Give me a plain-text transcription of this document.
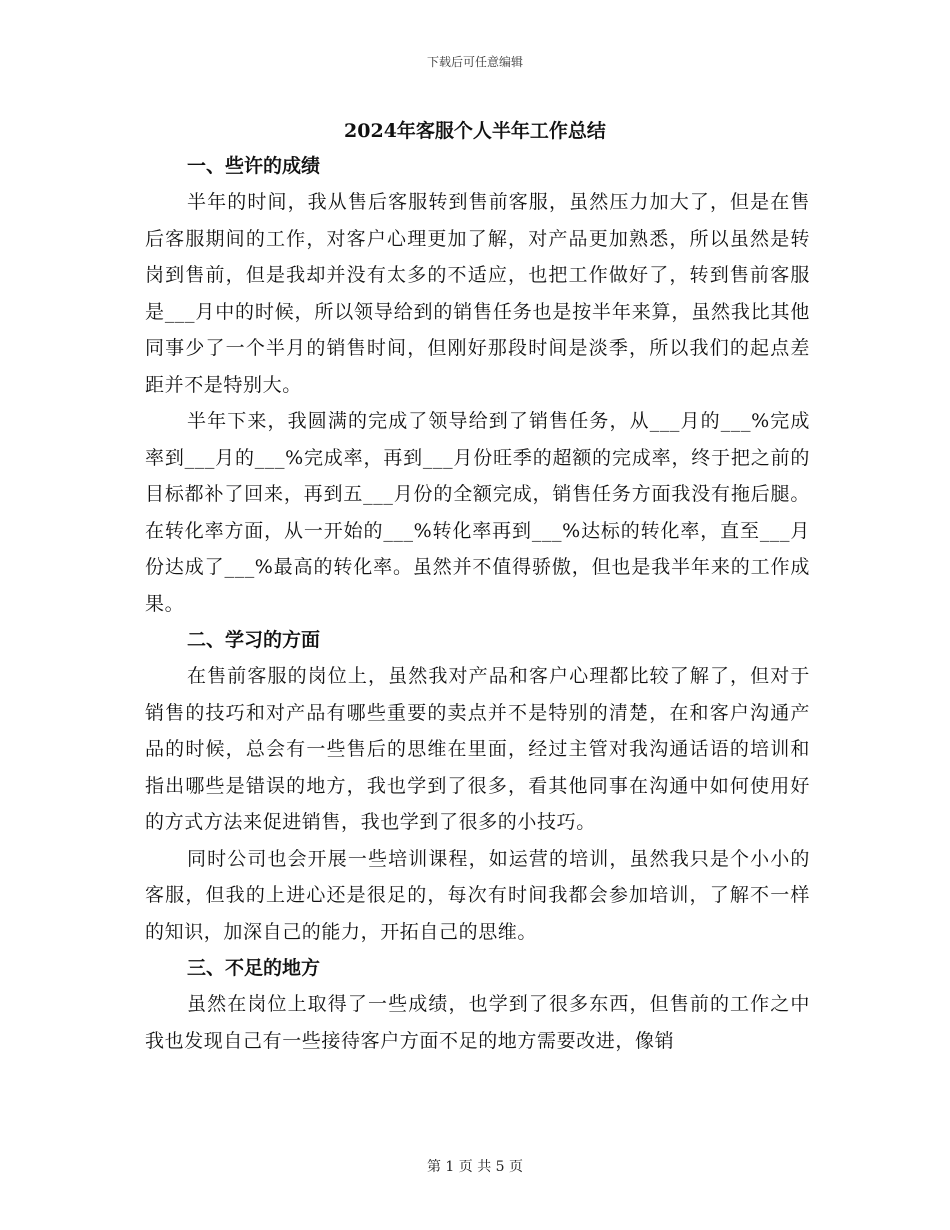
下载后可任意编辑
2024年客服个人半年工作总结
一、些许的成绩

半年的时间，我从售后客服转到售前客服，虽然压力加大了，但是在售后客服期间的工作，对客户心理更加了解，对产品更加熟悉，所以虽然是转岗到售前，但是我却并没有太多的不适应，也把工作做好了，转到售前客服是___月中的时候，所以领导给到的销售任务也是按半年来算，虽然我比其他同事少了一个半月的销售时间，但刚好那段时间是淡季，所以我们的起点差距并不是特别大。

半年下来，我圆满的完成了领导给到了销售任务，从___月的___%完成率到___月的___%完成率，再到___月份旺季的超额的完成率，终于把之前的目标都补了回来，再到五___月份的全额完成，销售任务方面我没有拖后腿。在转化率方面，从一开始的___%转化率再到___%达标的转化率，直至___月份达成了___%最高的转化率。虽然并不值得骄傲，但也是我半年来的工作成果。

二、学习的方面

在售前客服的岗位上，虽然我对产品和客户心理都比较了解了，但对于销售的技巧和对产品有哪些重要的卖点并不是特别的清楚，在和客户沟通产品的时候，总会有一些售后的思维在里面，经过主管对我沟通话语的培训和指出哪些是错误的地方，我也学到了很多，看其他同事在沟通中如何使用好的方式方法来促进销售，我也学到了很多的小技巧。

同时公司也会开展一些培训课程，如运营的培训，虽然我只是个小小的客服，但我的上进心还是很足的，每次有时间我都会参加培训，了解不一样的知识，加深自己的能力，开拓自己的思维。

三、不足的地方

虽然在岗位上取得了一些成绩，也学到了很多东西，但售前的工作之中我也发现自己有一些接待客户方面不足的地方需要改进，像销

第 1 页 共 5 页
